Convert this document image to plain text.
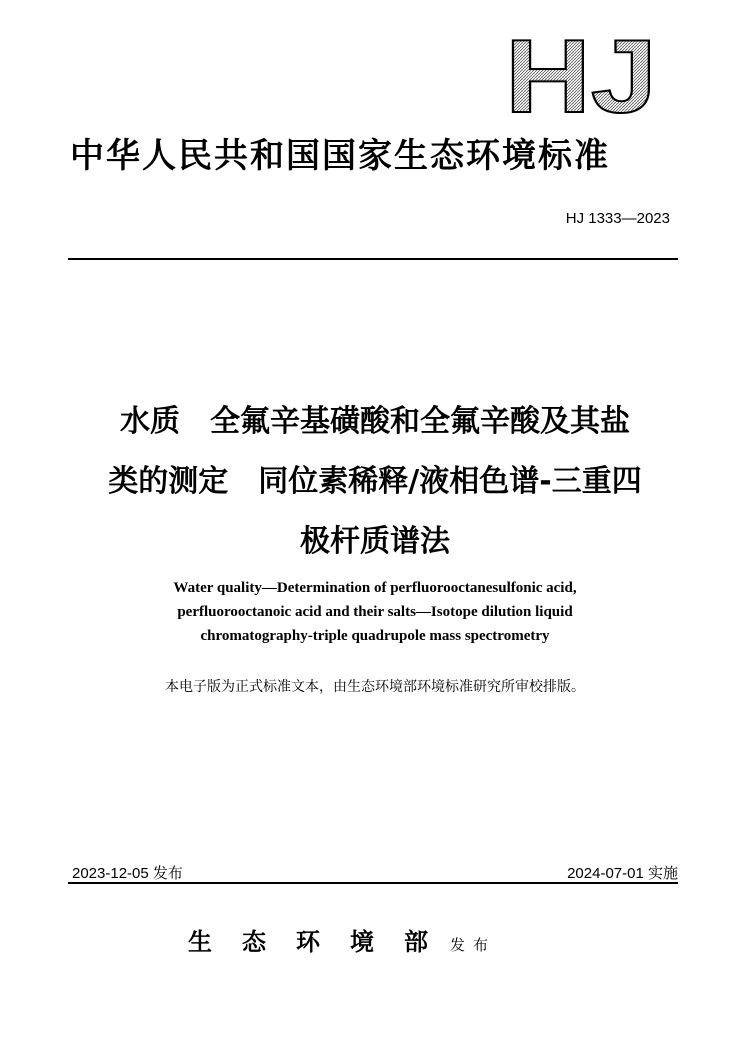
HJ
中华人民共和国国家生态环境标准
HJ 1333—2023
水质　全氟辛基磺酸和全氟辛酸及其盐
类的测定　同位素稀释/液相色谱-三重四
极杆质谱法
Water quality—Determination of perfluorooctanesulfonic acid,
perfluorooctanoic acid and their salts—Isotope dilution liquid
chromatography-triple quadrupole mass spectrometry
本电子版为正式标准文本，由生态环境部环境标准研究所审校排版。
2023-12-05 发布	2024-07-01 实施
生态环境部
发布
